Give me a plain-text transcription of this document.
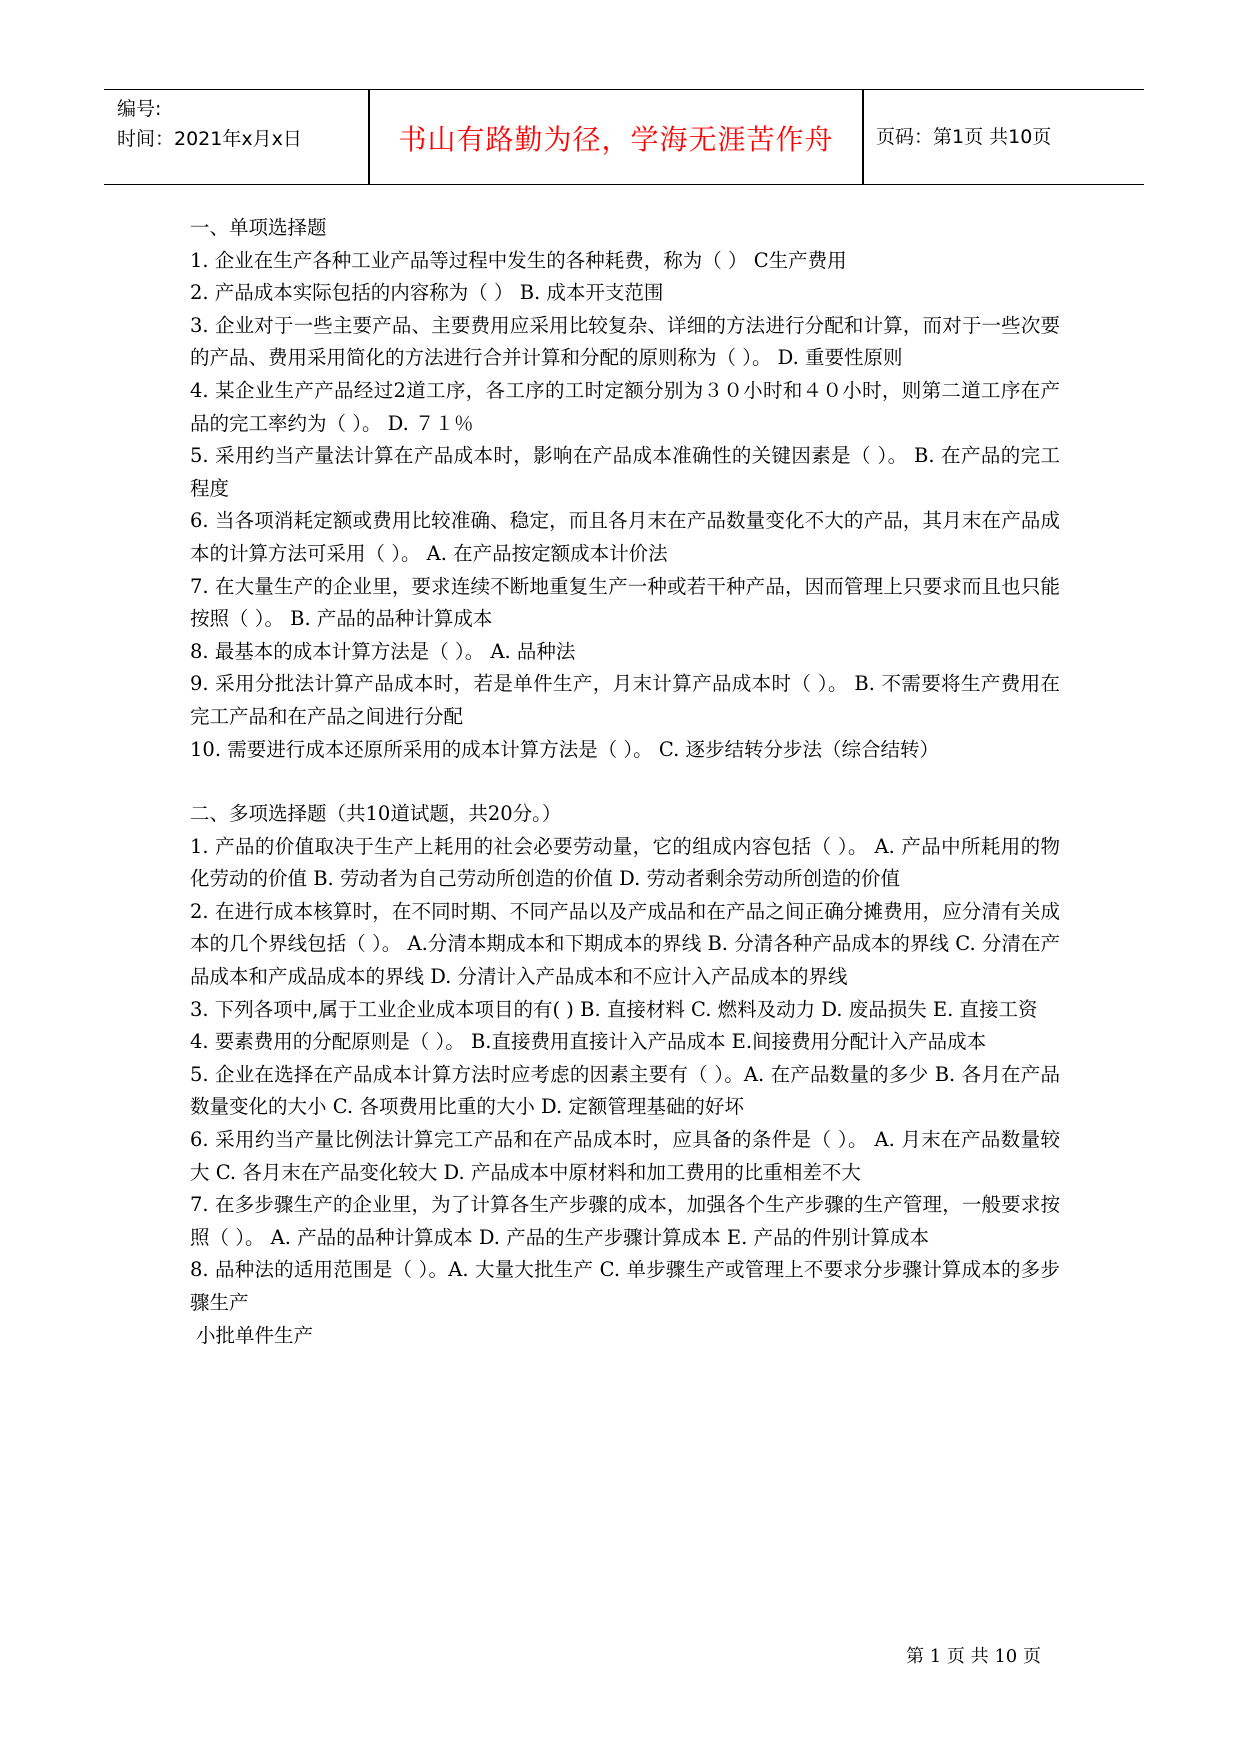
编号:
时间：2021年x月x日	书山有路勤为径，学海无涯苦作舟	页码：第1页 共10页

一、单项选择题

1. 企业在生产各种工业产品等过程中发生的各种耗费，称为（ ） C生产费用

2. 产品成本实际包括的内容称为（ ） B. 成本开支范围

3. 企业对于一些主要产品、主要费用应采用比较复杂、详细的方法进行分配和计算，而对于一些次要的产品、费用采用简化的方法进行合并计算和分配的原则称为（ ）。 D. 重要性原则

4. 某企业生产产品经过2道工序，各工序的工时定额分别为３０小时和４０小时，则第二道工序在产品的完工率约为（ ）。 D. ７１％

5. 采用约当产量法计算在产品成本时，影响在产品成本准确性的关键因素是（ ）。 B. 在产品的完工程度

6. 当各项消耗定额或费用比较准确、稳定，而且各月末在产品数量变化不大的产品，其月末在产品成本的计算方法可采用（ ）。 A. 在产品按定额成本计价法

7. 在大量生产的企业里，要求连续不断地重复生产一种或若干种产品，因而管理上只要求而且也只能按照（ ）。 B. 产品的品种计算成本

8. 最基本的成本计算方法是（ ）。 A. 品种法

9. 采用分批法计算产品成本时，若是单件生产，月末计算产品成本时（ ）。 B. 不需要将生产费用在完工产品和在产品之间进行分配

10. 需要进行成本还原所采用的成本计算方法是（ ）。 C. 逐步结转分步法（综合结转）

二、多项选择题（共10道试题，共20分。）

1. 产品的价值取决于生产上耗用的社会必要劳动量，它的组成内容包括（ ）。 A. 产品中所耗用的物化劳动的价值 B. 劳动者为自己劳动所创造的价值 D. 劳动者剩余劳动所创造的价值

2. 在进行成本核算时，在不同时期、不同产品以及产成品和在产品之间正确分摊费用，应分清有关成本的几个界线包括（ ）。 A.分清本期成本和下期成本的界线 B. 分清各种产品成本的界线 C. 分清在产品成本和产成品成本的界线 D. 分清计入产品成本和不应计入产品成本的界线

3. 下列各项中,属于工业企业成本项目的有( ) B. 直接材料 C. 燃料及动力 D. 废品损失 E. 直接工资

4. 要素费用的分配原则是（ ）。 B.直接费用直接计入产品成本 E.间接费用分配计入产品成本

5. 企业在选择在产品成本计算方法时应考虑的因素主要有（ ）。A. 在产品数量的多少 B. 各月在产品数量变化的大小 C. 各项费用比重的大小 D. 定额管理基础的好坏

6. 采用约当产量比例法计算完工产品和在产品成本时，应具备的条件是（ ）。 A. 月末在产品数量较大 C. 各月末在产品变化较大 D. 产品成本中原材料和加工费用的比重相差不大

7. 在多步骤生产的企业里，为了计算各生产步骤的成本，加强各个生产步骤的生产管理，一般要求按照（ ）。 A. 产品的品种计算成本 D. 产品的生产步骤计算成本 E. 产品的件别计算成本

8. 品种法的适用范围是（ ）。A. 大量大批生产 C. 单步骤生产或管理上不要求分步骤计算成本的多步骤生产

小批单件生产

第 1 页 共 10 页
